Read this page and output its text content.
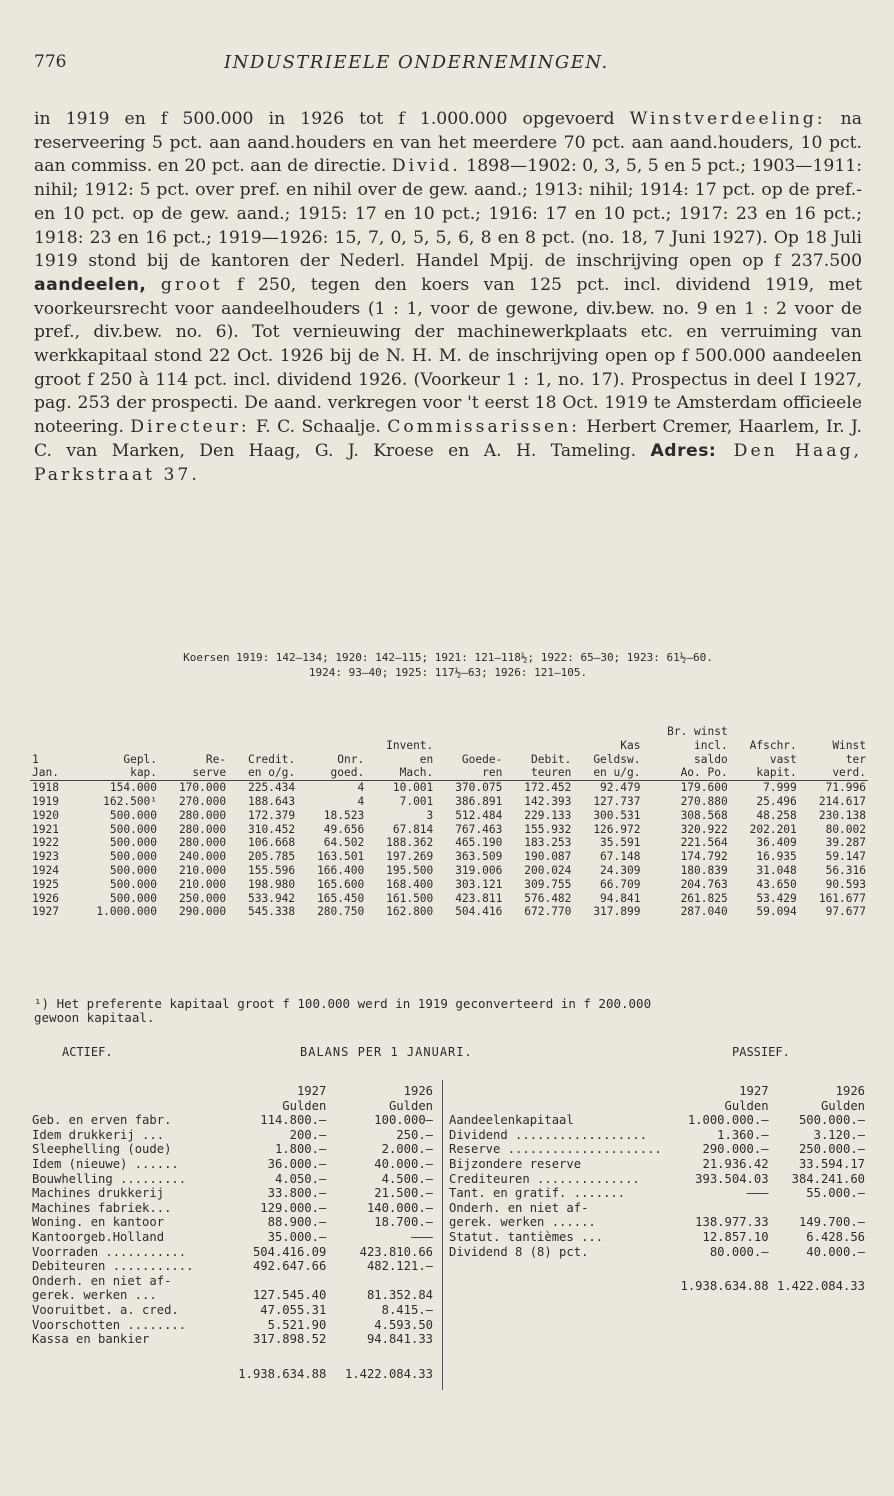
776	INDUSTRIEELE ONDERNEMINGEN.

in 1919 en f 500.000 in 1926 tot f 1.000.000 opgevoerd Winstverdeeling: na reserveering 5 pct. aan aand.houders en van het meerdere 70 pct. aan aand.houders, 10 pct. aan commiss. en 20 pct. aan de directie. Divid. 1898—1902: 0, 3, 5, 5 en 5 pct.; 1903—1911: nihil; 1912: 5 pct. over pref. en nihil over de gew. aand.; 1913: nihil; 1914: 17 pct. op de pref.- en 10 pct. op de gew. aand.; 1915: 17 en 10 pct.; 1916: 17 en 10 pct.; 1917: 23 en 16 pct.; 1918: 23 en 16 pct.; 1919—1926: 15, 7, 0, 5, 5, 6, 8 en 8 pct. (no. 18, 7 Juni 1927). Op 18 Juli 1919 stond bij de kantoren der Nederl. Handel Mpij. de inschrijving open op f 237.500 aandeelen, groot f 250, tegen den koers van 125 pct. incl. dividend 1919, met voorkeursrecht voor aandeelhouders (1 : 1, voor de gewone, div.bew. no. 9 en 1 : 2 voor de pref., div.bew. no. 6). Tot vernieuwing der machinewerkplaats etc. en verruiming van werkkapitaal stond 22 Oct. 1926 bij de N. H. M. de inschrijving open op f 500.000 aandeelen groot f 250 à 114 pct. incl. dividend 1926. (Voorkeur 1 : 1, no. 17). Prospectus in deel I 1927, pag. 253 der prospecti. De aand. verkregen voor 't eerst 18 Oct. 1919 te Amsterdam officieele noteering. Directeur: F. C. Schaalje. Commissarissen: Herbert Cremer, Haarlem, Ir. J. C. van Marken, Den Haag, G. J. Kroese en A. H. Tameling. Adres: Den Haag, Parkstraat 37.

Koersen 1919: 142—134; 1920: 142—115; 1921: 121—118½; 1922: 65—30; 1923: 61½—60.
1924: 93—40; 1925: 117½—63; 1926: 121—105.
									Br. winst		
					Invent.			Kas	incl.	Afschr.	Winst
1	Gepl.	Re-	Credit.	Onr.	en	Goede-	Debit.	Geldsw.	saldo	vast	ter
Jan.	kap.	serve	en o/g.	goed.	Mach.	ren	teuren	en u/g.	Ao. Po.	kapit.	verd.
1918	154.000	170.000	225.434	4	10.001	370.075	172.452	92.479	179.600	7.999	71.996
1919	162.500¹	270.000	188.643	4	7.001	386.891	142.393	127.737	270.880	25.496	214.617
1920	500.000	280.000	172.379	18.523	3	512.484	229.133	300.531	308.568	48.258	230.138
1921	500.000	280.000	310.452	49.656	67.814	767.463	155.932	126.972	320.922	202.201	80.002
1922	500.000	280.000	106.668	64.502	188.362	465.190	183.253	35.591	221.564	36.409	39.287
1923	500.000	240.000	205.785	163.501	197.269	363.509	190.087	67.148	174.792	16.935	59.147
1924	500.000	210.000	155.596	166.400	195.500	319.006	200.024	24.309	180.839	31.048	56.316
1925	500.000	210.000	198.980	165.600	168.400	303.121	309.755	66.709	204.763	43.650	90.593
1926	500.000	250.000	533.942	165.450	161.500	423.811	576.482	94.841	261.825	53.429	161.677
1927	1.000.000	290.000	545.338	280.750	162.800	504.416	672.770	317.899	287.040	59.094	97.677
¹) Het preferente kapitaal groot f 100.000 werd in 1919 geconverteerd in f 200.000
gewoon kapitaal.
ACTIEF.	BALANS PER 1 JANUARI.	PASSIEF.
	1927	1926
	Gulden	Gulden
Geb. en erven fabr.	114.800.—	100.000—
Idem drukkerij ...	200.—	250.—
Sleephelling (oude)	1.800.—	2.000.—
Idem (nieuwe) ......	36.000.—	40.000.—
Bouwhelling .........	4.050.—	4.500.—
Machines drukkerij	33.800.—	21.500.—
Machines fabriek...	129.000.—	140.000.—
Woning. en kantoor	88.900.—	18.700.—
Kantoorgeb.Holland	35.000.—	———
Voorraden ...........	504.416.09	423.810.66
Debiteuren ...........	492.647.66	482.121.—
Onderh. en niet af-		
gerek. werken ...	127.545.40	81.352.84
Vooruitbet. a. cred.	47.055.31	8.415.—
Voorschotten ........	5.521.90	4.593.50
Kassa en bankier	317.898.52	94.841.33
	1.938.634.88	1.422.084.33
	1927	1926
	Gulden	Gulden
Aandeelenkapitaal	1.000.000.—	500.000.—
Dividend ..................	1.360.—	3.120.—
Reserve .....................	290.000.—	250.000.—
Bijzondere reserve	21.936.42	33.594.17
Crediteuren ..............	393.504.03	384.241.60
Tant. en gratif. .......	———	55.000.—
Onderh. en niet af-		
gerek. werken ......	138.977.33	149.700.—
Statut. tantièmes ...	12.857.10	6.428.56
Dividend 8 (8) pct.	80.000.—	40.000.—
	1.938.634.88	1.422.084.33
